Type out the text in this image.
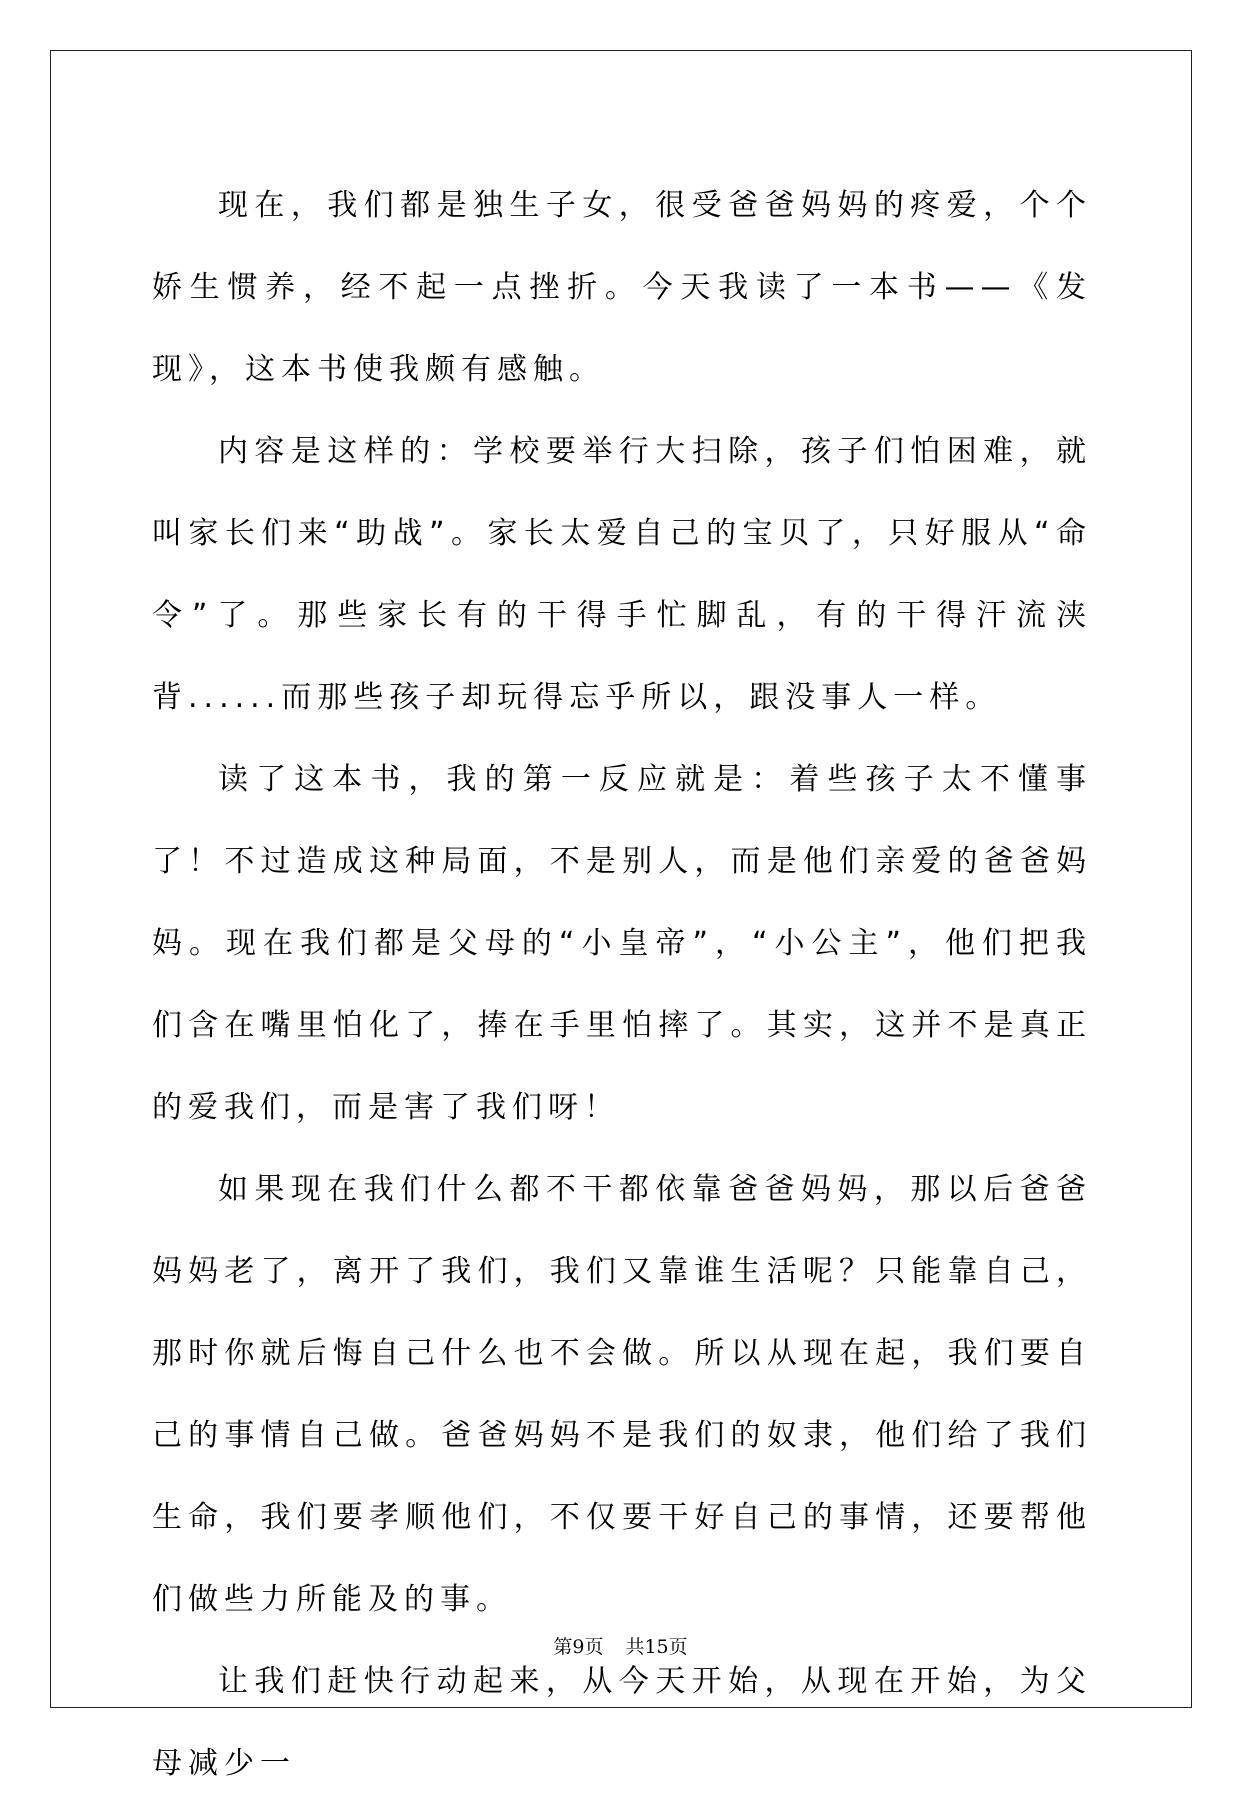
现在，我们都是独生子女，很受爸爸妈妈的疼爱，个个娇生惯养，经不起一点挫折。今天我读了一本书——《发现》，这本书使我颇有感触。

内容是这样的：学校要举行大扫除，孩子们怕困难，就叫家长们来“助战”。家长太爱自己的宝贝了，只好服从“命令”了。那些家长有的干得手忙脚乱，有的干得汗流浃背......而那些孩子却玩得忘乎所以，跟没事人一样。

读了这本书，我的第一反应就是：着些孩子太不懂事了！不过造成这种局面，不是别人，而是他们亲爱的爸爸妈妈。现在我们都是父母的“小皇帝”，“小公主”，他们把我们含在嘴里怕化了，捧在手里怕摔了。其实，这并不是真正的爱我们，而是害了我们呀！

如果现在我们什么都不干都依靠爸爸妈妈，那以后爸爸妈妈老了，离开了我们，我们又靠谁生活呢？只能靠自己，那时你就后悔自己什么也不会做。所以从现在起，我们要自己的事情自己做。爸爸妈妈不是我们的奴隶，他们给了我们生命，我们要孝顺他们，不仅要干好自己的事情，还要帮他们做些力所能及的事。

让我们赶快行动起来，从今天开始，从现在开始，为父母减少一

第9页 共15页
